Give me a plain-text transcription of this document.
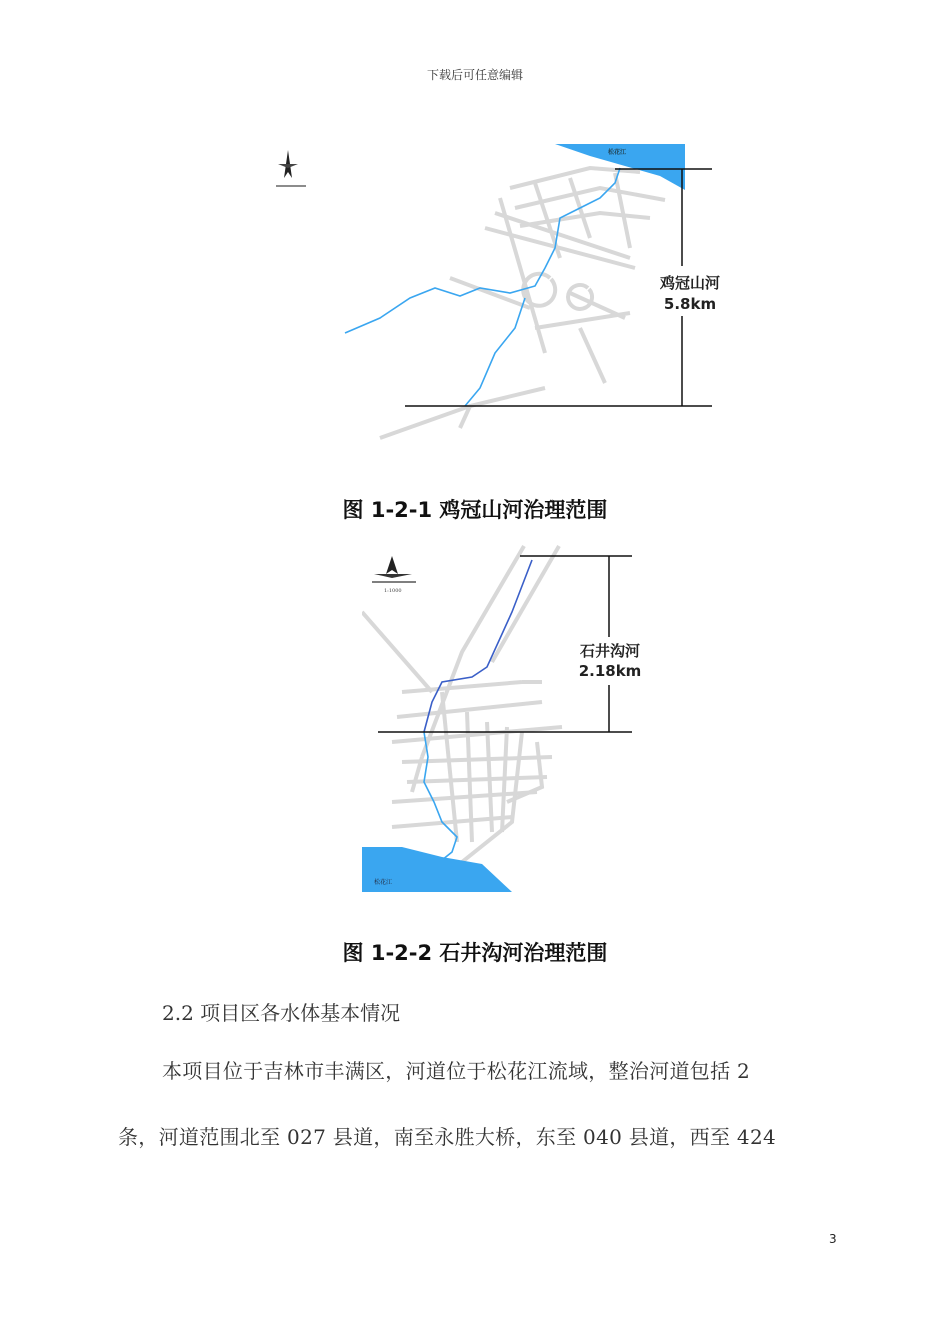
下载后可任意编辑
松花江
鸡冠山河
5.8km
图 1-2-1 鸡冠山河治理范围
1:1000
松花江
石井沟河
2.18km
图 1-2-2 石井沟河治理范围
2.2 项目区各水体基本情况
本项目位于吉林市丰满区，河道位于松花江流域，整治河道包括 2
条，河道范围北至 027 县道，南至永胜大桥，东至 040 县道，西至 424
3
